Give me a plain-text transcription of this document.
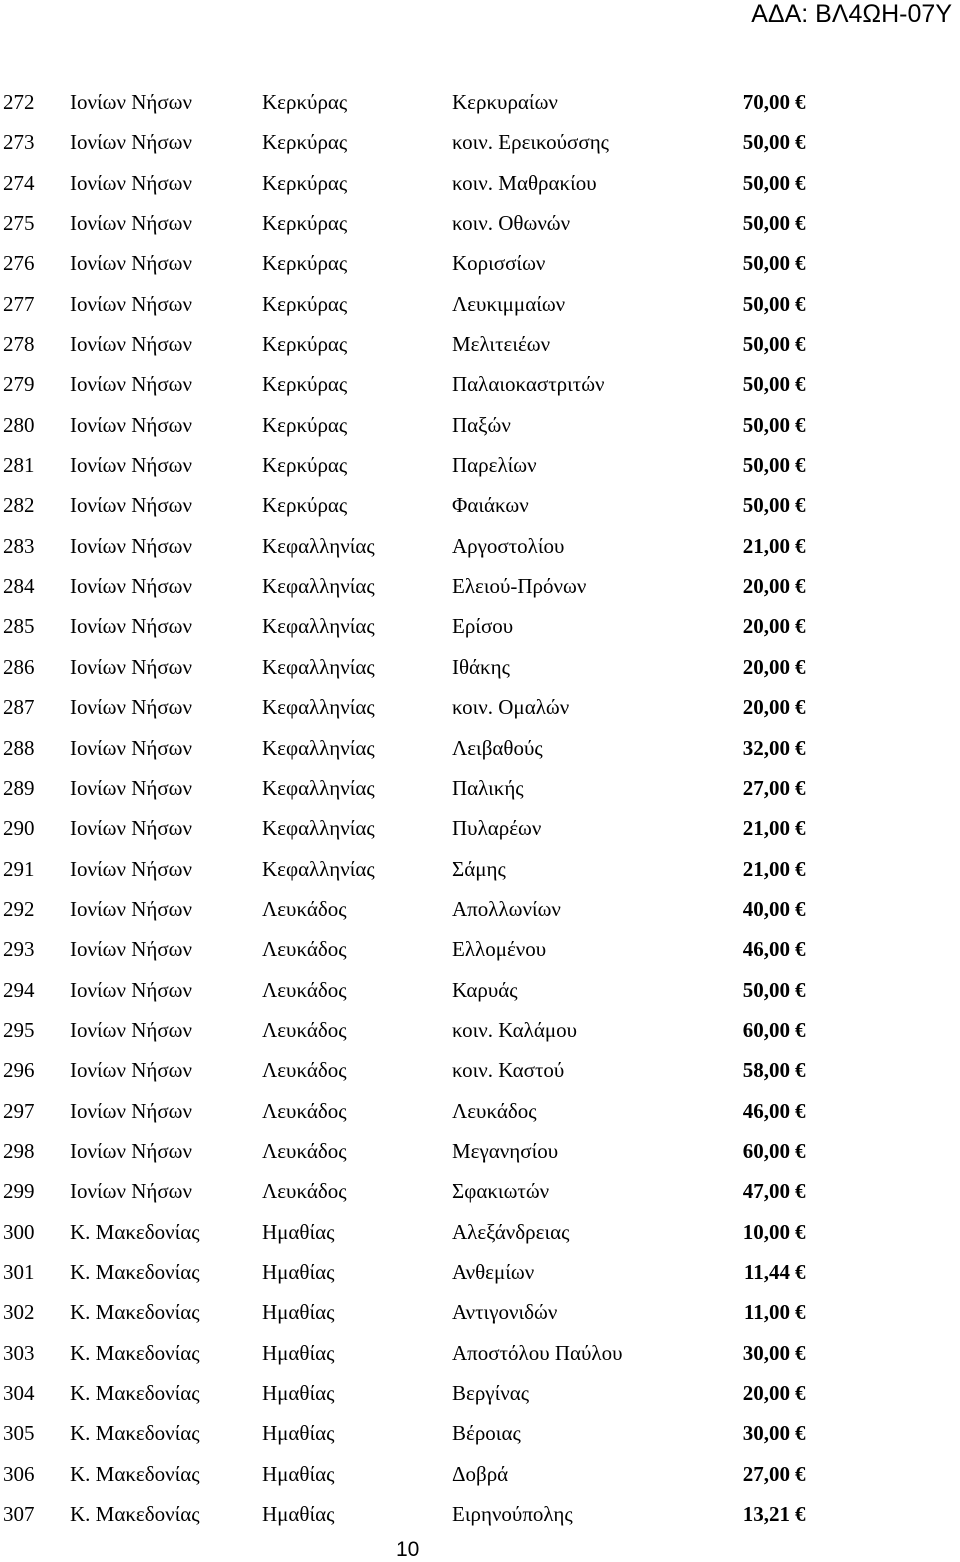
ΑΔΑ: ΒΛ4ΩΗ-07Υ
272 Ιονίων Νήσων	Κερκύρας	Κερκυραίων	70,00 €
273 Ιονίων Νήσων	Κερκύρας	κοιν. Ερεικούσσης	50,00 €
274 Ιονίων Νήσων	Κερκύρας	κοιν. Μαθρακίου	50,00 €
275 Ιονίων Νήσων	Κερκύρας	κοιν. Οθωνών	50,00 €
276 Ιονίων Νήσων	Κερκύρας	Κορισσίων	50,00 €
277 Ιονίων Νήσων	Κερκύρας	Λευκιμμαίων	50,00 €
278 Ιονίων Νήσων	Κερκύρας	Μελιτειέων	50,00 €
279 Ιονίων Νήσων	Κερκύρας	Παλαιοκαστριτών	50,00 €
280 Ιονίων Νήσων	Κερκύρας	Παξών	50,00 €
281 Ιονίων Νήσων	Κερκύρας	Παρελίων	50,00 €
282 Ιονίων Νήσων	Κερκύρας	Φαιάκων	50,00 €
283 Ιονίων Νήσων	Κεφαλληνίας	Αργοστολίου	21,00 €
284 Ιονίων Νήσων	Κεφαλληνίας	Ελειού-Πρόνων	20,00 €
285 Ιονίων Νήσων	Κεφαλληνίας	Ερίσου	20,00 €
286 Ιονίων Νήσων	Κεφαλληνίας	Ιθάκης	20,00 €
287 Ιονίων Νήσων	Κεφαλληνίας	κοιν. Ομαλών	20,00 €
288 Ιονίων Νήσων	Κεφαλληνίας	Λειβαθούς	32,00 €
289 Ιονίων Νήσων	Κεφαλληνίας	Παλικής	27,00 €
290 Ιονίων Νήσων	Κεφαλληνίας	Πυλαρέων	21,00 €
291 Ιονίων Νήσων	Κεφαλληνίας	Σάμης	21,00 €
292 Ιονίων Νήσων	Λευκάδος	Απολλωνίων	40,00 €
293 Ιονίων Νήσων	Λευκάδος	Ελλομένου	46,00 €
294 Ιονίων Νήσων	Λευκάδος	Καρυάς	50,00 €
295 Ιονίων Νήσων	Λευκάδος	κοιν. Καλάμου	60,00 €
296 Ιονίων Νήσων	Λευκάδος	κοιν. Καστού	58,00 €
297 Ιονίων Νήσων	Λευκάδος	Λευκάδος	46,00 €
298 Ιονίων Νήσων	Λευκάδος	Μεγανησίου	60,00 €
299 Ιονίων Νήσων	Λευκάδος	Σφακιωτών	47,00 €
300 Κ. Μακεδονίας	Ημαθίας	Αλεξάνδρειας	10,00 €
301 Κ. Μακεδονίας	Ημαθίας	Ανθεμίων	11,44 €
302 Κ. Μακεδονίας	Ημαθίας	Αντιγονιδών	11,00 €
303 Κ. Μακεδονίας	Ημαθίας	Αποστόλου Παύλου	30,00 €
304 Κ. Μακεδονίας	Ημαθίας	Βεργίνας	20,00 €
305 Κ. Μακεδονίας	Ημαθίας	Βέροιας	30,00 €
306 Κ. Μακεδονίας	Ημαθίας	Δοβρά	27,00 €
307 Κ. Μακεδονίας	Ημαθίας	Ειρηνούπολης	13,21 €
10
